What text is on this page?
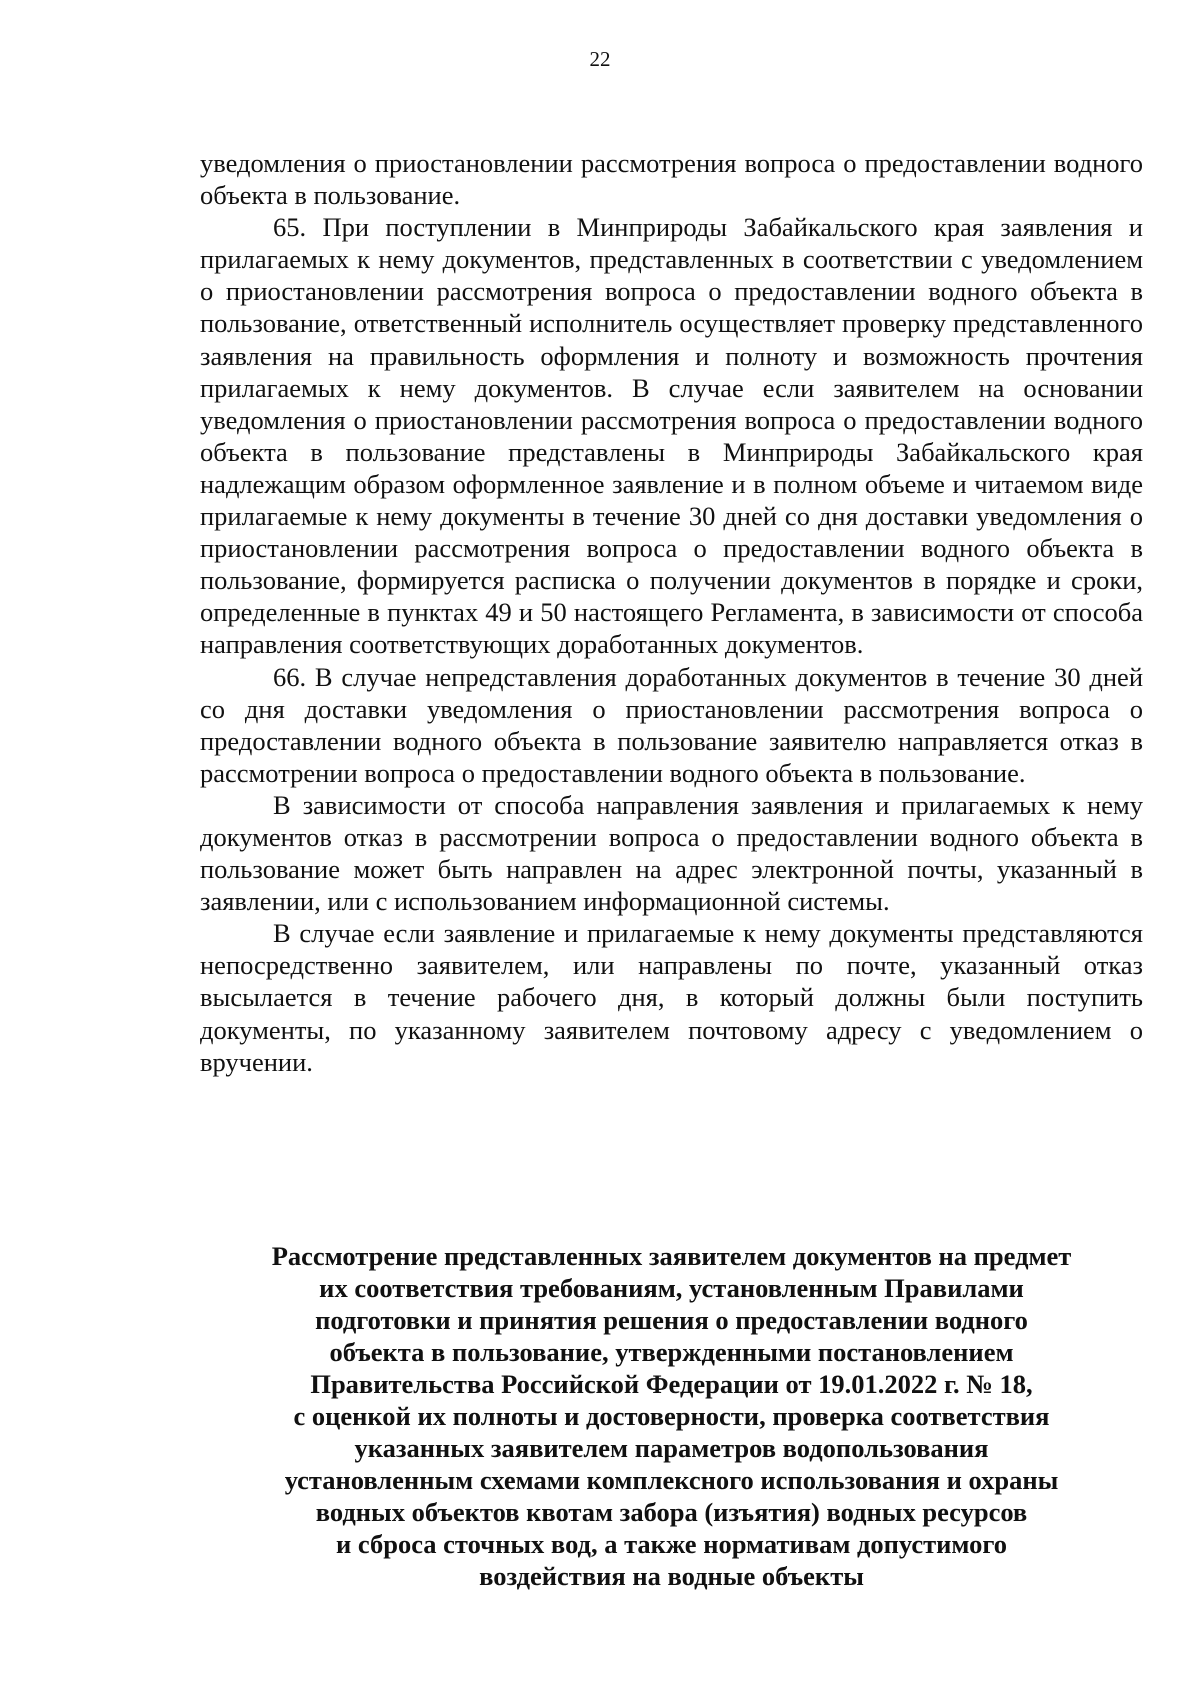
22

уведомления о приостановлении рассмотрения вопроса о предоставлении водного объекта в пользование.

65. При поступлении в Минприроды Забайкальского края заявления и прилагаемых к нему документов, представленных в соответствии с уведомлением о приостановлении рассмотрения вопроса о предоставлении водного объекта в пользование, ответственный исполнитель осуществляет проверку представленного заявления на правильность оформления и полноту и возможность прочтения прилагаемых к нему документов. В случае если заявителем на основании уведомления о приостановлении рассмотрения вопроса о предоставлении водного объекта в пользование представлены в Минприроды Забайкальского края надлежащим образом оформленное заявление и в полном объеме и читаемом виде прилагаемые к нему документы в течение 30 дней со дня доставки уведомления о приостановлении рассмотрения вопроса о предоставлении водного объекта в пользование, формируется расписка о получении документов в порядке и сроки, определенные в пунктах 49 и 50 настоящего Регламента, в зависимости от способа направления соответствующих доработанных документов.

66. В случае непредставления доработанных документов в течение 30 дней со дня доставки уведомления о приостановлении рассмотрения вопроса о предоставлении водного объекта в пользование заявителю направляется отказ в рассмотрении вопроса о предоставлении водного объекта в пользование.

В зависимости от способа направления заявления и прилагаемых к нему документов отказ в рассмотрении вопроса о предоставлении водного объекта в пользование может быть направлен на адрес электронной почты, указанный в заявлении, или с использованием информационной системы.

В случае если заявление и прилагаемые к нему документы представляются непосредственно заявителем, или направлены по почте, указанный отказ высылается в течение рабочего дня, в который должны были поступить документы, по указанному заявителем почтовому адресу с уведомлением о вручении.

Рассмотрение представленных заявителем документов на предмет
их соответствия требованиям, установленным Правилами
подготовки и принятия решения о предоставлении водного
объекта в пользование, утвержденными постановлением
Правительства Российской Федерации от 19.01.2022 г. № 18,
с оценкой их полноты и достоверности, проверка соответствия
указанных заявителем параметров водопользования
установленным схемами комплексного использования и охраны
водных объектов квотам забора (изъятия) водных ресурсов
и сброса сточных вод, а также нормативам допустимого
воздействия на водные объекты
